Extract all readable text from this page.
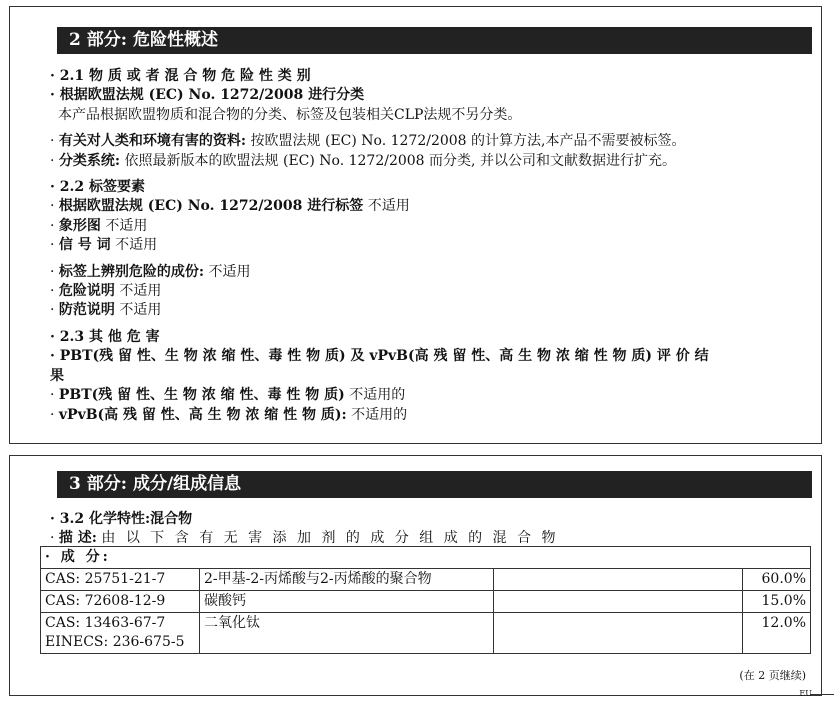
2 部分: 危险性概述
· 2.1 物 质 或 者 混 合 物 危 险 性 类 别
· 根据欧盟法规 (EC) No. 1272/2008 进行分类
本产品根据欧盟物质和混合物的分类、标签及包装相关CLP法规不另分类。
· 有关对人类和环境有害的资料: 按欧盟法规 (EC) No. 1272/2008 的计算方法,本产品不需要被标签。
· 分类系统: 依照最新版本的欧盟法规 (EC) No. 1272/2008 而分类, 并以公司和文献数据进行扩充。
· 2.2 标签要素
· 根据欧盟法规 (EC) No. 1272/2008 进行标签 不适用
· 象形图 不适用
· 信 号 词 不适用
· 标签上辨别危险的成份: 不适用
· 危险说明 不适用
· 防范说明 不适用
· 2.3 其 他 危 害
· PBT(残 留 性、生 物 浓 缩 性、毒 性 物 质) 及 vPvB(高 残 留 性、高 生 物 浓 缩 性 物 质) 评 价 结
果
· PBT(残 留 性、生 物 浓 缩 性、毒 性 物 质) 不适用的
· vPvB(高 残 留 性、高 生 物 浓 缩 性 物 质): 不适用的
3 部分: 成分/组成信息
· 3.2 化学特性:混合物
· 描 述: 由 以 下 含 有 无 害 添 加 剂 的 成 分 组 成 的 混 合 物
· 成 分:			

CAS: 25751-21-7	2-甲基-2-丙烯酸与2-丙烯酸的聚合物		60.0%

CAS: 72608-12-9	碳酸钙		15.0%

CAS: 13463-67-7
EINECS: 236-675-5	二氧化钛		12.0%
(在 2 页继续)
EU
